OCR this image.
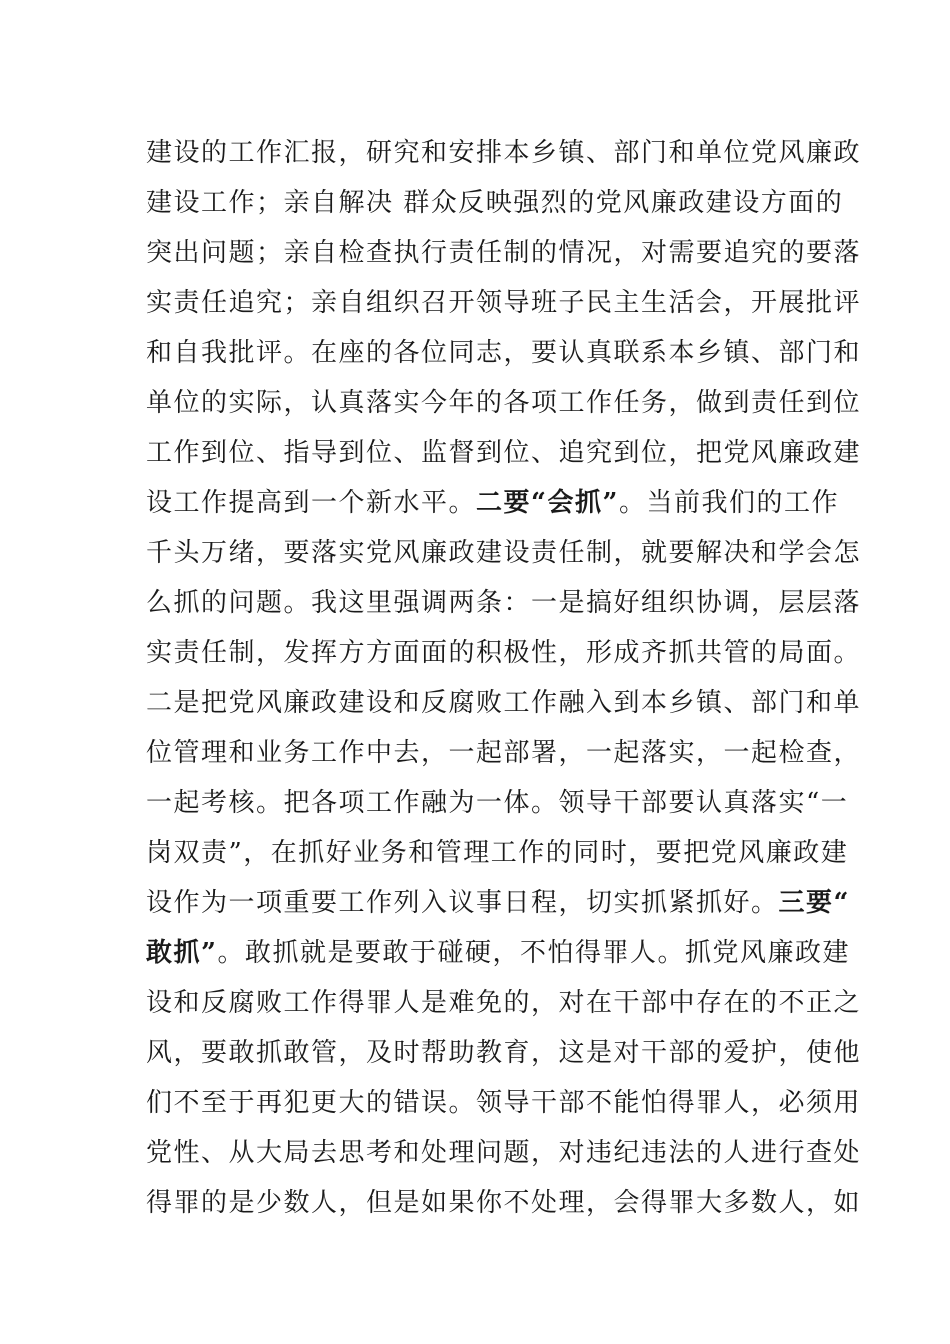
建设的工作汇报，研究和安排本乡镇、部门和单位党风廉政
建设工作；亲自解决 群众反映强烈的党风廉政建设方面的
突出问题；亲自检查执行责任制的情况，对需要追究的要落
实责任追究；亲自组织召开领导班子民主生活会，开展批评
和自我批评。在座的各位同志，要认真联系本乡镇、部门和
单位的实际，认真落实今年的各项工作任务，做到责任到位
工作到位、指导到位、监督到位、追究到位，把党风廉政建
设工作提高到一个新水平。二要“会抓”。当前我们的工作
千头万绪，要落实党风廉政建设责任制，就要解决和学会怎
么抓的问题。我这里强调两条：一是搞好组织协调，层层落
实责任制，发挥方方面面的积极性，形成齐抓共管的局面。
二是把党风廉政建设和反腐败工作融入到本乡镇、部门和单
位管理和业务工作中去，一起部署，一起落实，一起检查，
一起考核。把各项工作融为一体。领导干部要认真落实“一
岗双责”，在抓好业务和管理工作的同时，要把党风廉政建
设作为一项重要工作列入议事日程，切实抓紧抓好。三要“
敢抓”。敢抓就是要敢于碰硬，不怕得罪人。抓党风廉政建
设和反腐败工作得罪人是难免的，对在干部中存在的不正之
风，要敢抓敢管，及时帮助教育，这是对干部的爱护，使他
们不至于再犯更大的错误。领导干部不能怕得罪人，必须用
党性、从大局去思考和处理问题，对违纪违法的人进行查处
得罪的是少数人，但是如果你不处理，会得罪大多数人，如
